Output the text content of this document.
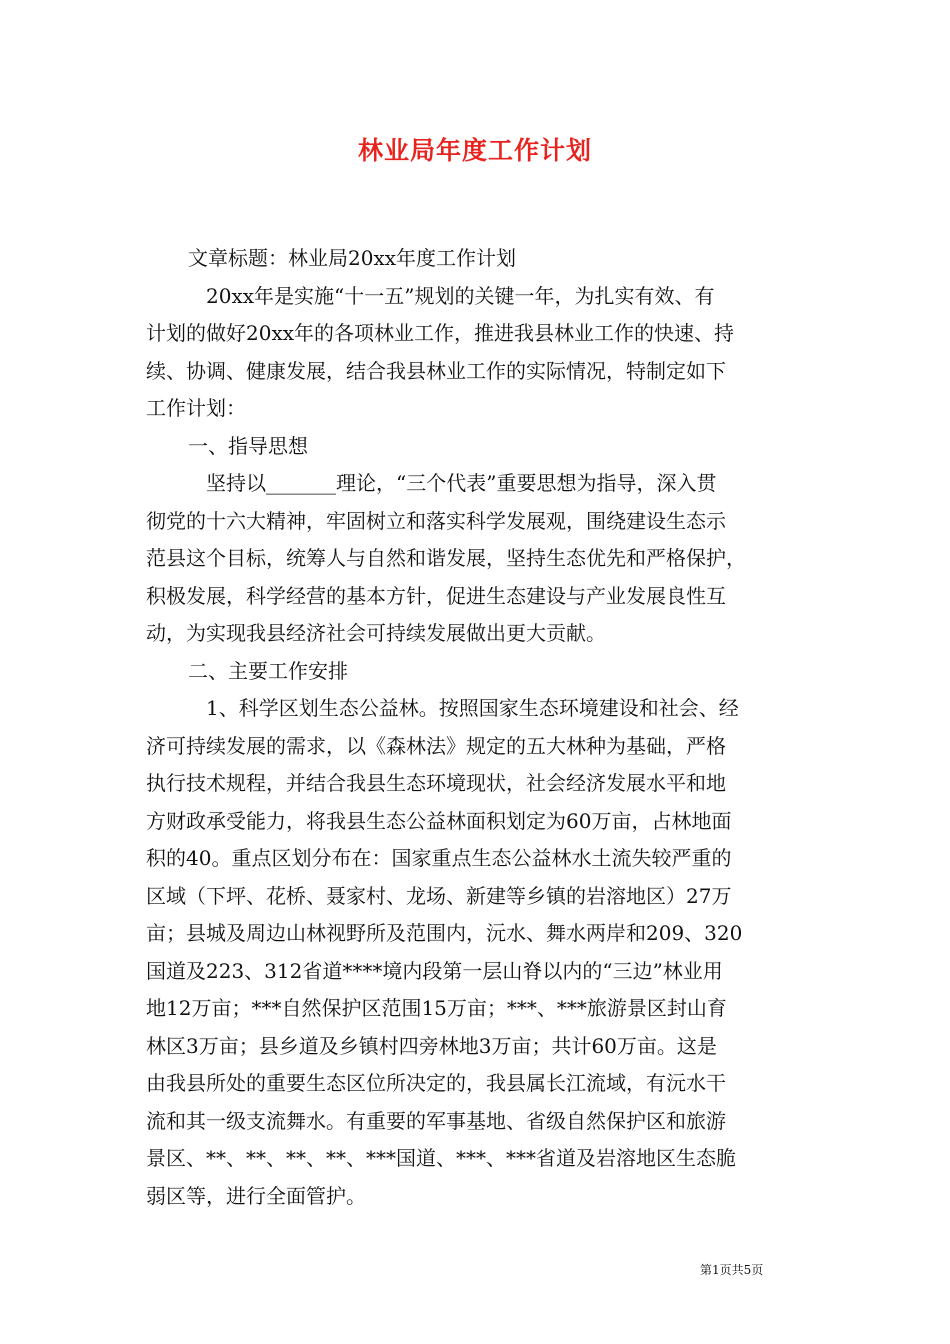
林业局年度工作计划
文章标题：林业局20xx年度工作计划
20xx年是实施“十一五”规划的关键一年，为扎实有效、有
计划的做好20xx年的各项林业工作，推进我县林业工作的快速、持
续、协调、健康发展，结合我县林业工作的实际情况，特制定如下
工作计划：
一、指导思想
坚持以_______理论，“三个代表”重要思想为指导，深入贯
彻党的十六大精神，牢固树立和落实科学发展观，围绕建设生态示
范县这个目标，统筹人与自然和谐发展，坚持生态优先和严格保护，
积极发展，科学经营的基本方针，促进生态建设与产业发展良性互
动，为实现我县经济社会可持续发展做出更大贡献。
二、主要工作安排
1、科学区划生态公益林。按照国家生态环境建设和社会、经
济可持续发展的需求，以《森林法》规定的五大林种为基础，严格
执行技术规程，并结合我县生态环境现状，社会经济发展水平和地
方财政承受能力，将我县生态公益林面积划定为60万亩，占林地面
积的40。重点区划分布在：国家重点生态公益林水土流失较严重的
区域（下坪、花桥、聂家村、龙场、新建等乡镇的岩溶地区）27万
亩；县城及周边山林视野所及范围内，沅水、舞水两岸和209、320
国道及223、312省道****境内段第一层山脊以内的“三边”林业用
地12万亩；***自然保护区范围15万亩；***、***旅游景区封山育
林区3万亩；县乡道及乡镇村四旁林地3万亩；共计60万亩。这是
由我县所处的重要生态区位所决定的，我县属长江流域，有沅水干
流和其一级支流舞水。有重要的军事基地、省级自然保护区和旅游
景区、**、**、**、**、***国道、***、***省道及岩溶地区生态脆
弱区等，进行全面管护。
第1页共5页
